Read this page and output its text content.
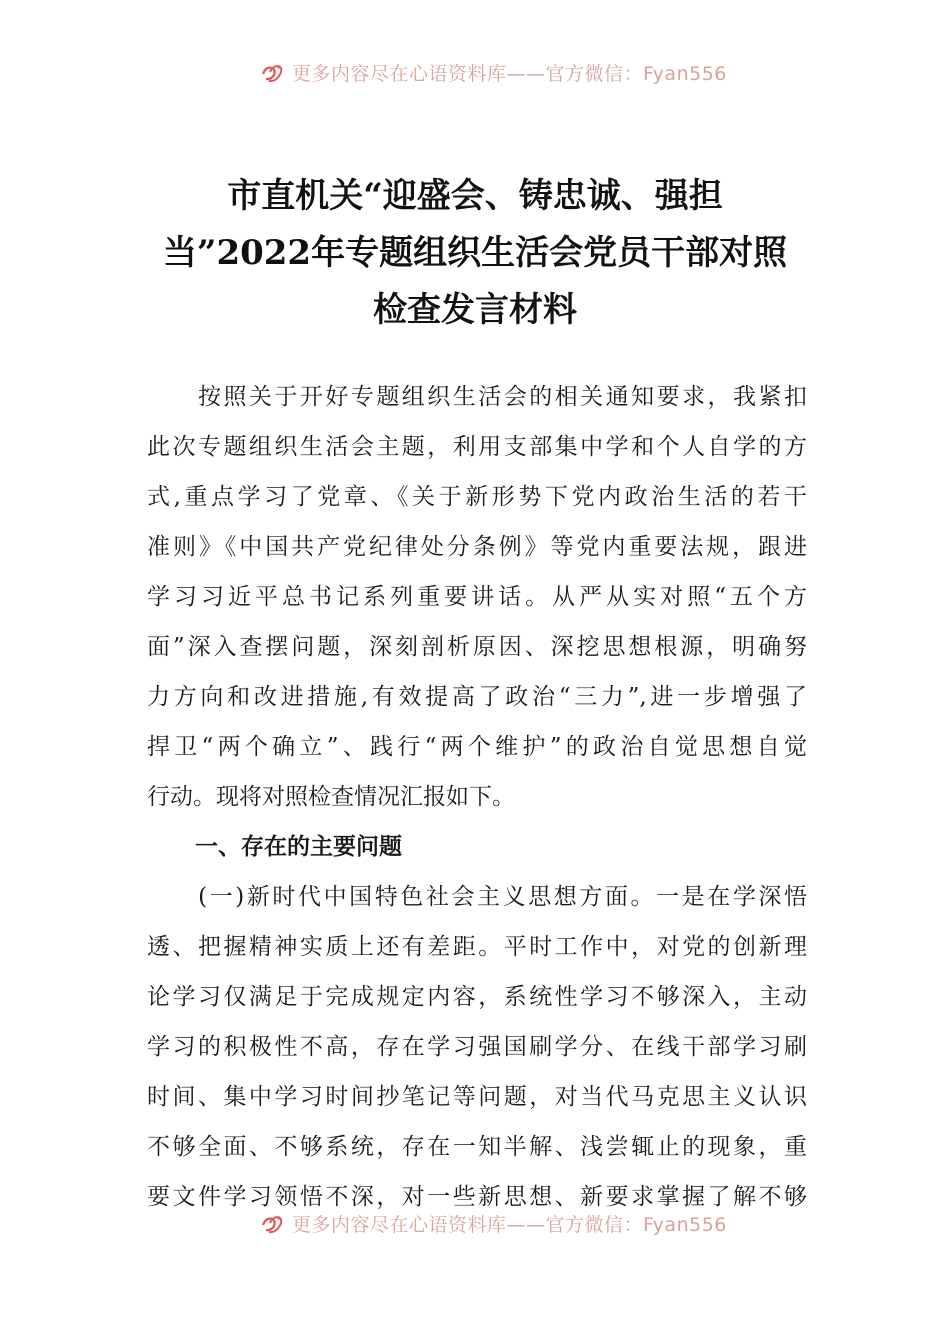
更多内容尽在心语资料库——官方微信：Fyan556
市直机关“迎盛会、铸忠诚、强担
当”2022年专题组织生活会党员干部对照
检查发言材料
　　按照关于开好专题组织生活会的相关通知要求，我紧扣
此次专题组织生活会主题，利用支部集中学和个人自学的方
式,重点学习了党章、《关于新形势下党内政治生活的若干
准则》《中国共产党纪律处分条例》等党内重要法规，跟进
学习习近平总书记系列重要讲话。从严从实对照“五个方
面”深入查摆问题，深刻剖析原因、深挖思想根源，明确努
力方向和改进措施,有效提高了政治“三力”,进一步增强了
捍卫“两个确立”、践行“两个维护”的政治自觉思想自觉
行动。现将对照检查情况汇报如下。
一、存在的主要问题
　　(一)新时代中国特色社会主义思想方面。一是在学深悟
透、把握精神实质上还有差距。平时工作中，对党的创新理
论学习仅满足于完成规定内容，系统性学习不够深入，主动
学习的积极性不高，存在学习强国刷学分、在线干部学习刷
时间、集中学习时间抄笔记等问题，对当代马克思主义认识
不够全面、不够系统，存在一知半解、浅尝辄止的现象，重
要文件学习领悟不深，对一些新思想、新要求掌握了解不够
更多内容尽在心语资料库——官方微信：Fyan556
